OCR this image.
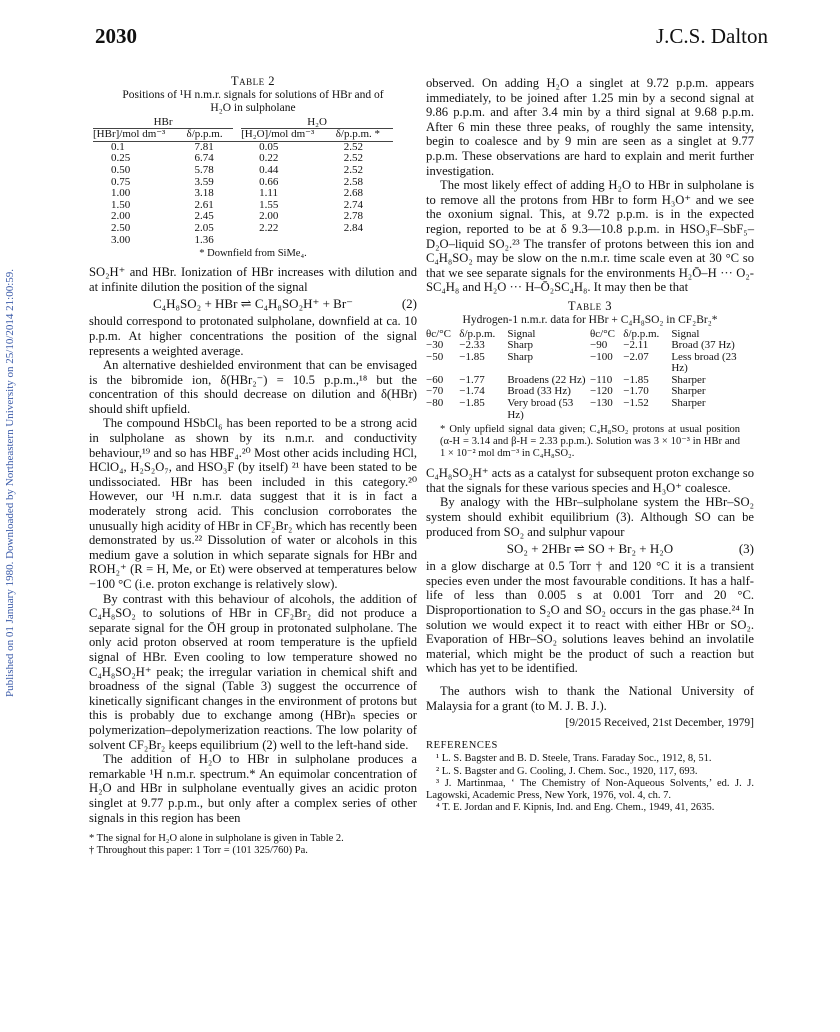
2030	J.C.S. Dalton
Published on 01 January 1980. Downloaded by Northeastern University on 25/10/2014 21:00:59.
Table 2
Positions of ¹H n.m.r. signals for solutions of HBr and of H₂O in sulpholane
HBr			H₂O	
[HBr]/mol dm⁻³	δ/p.p.m.		[H₂O]/mol dm⁻³	δ/p.p.m. *
0.1	7.81		0.05	2.52
0.25	6.74		0.22	2.52
0.50	5.78		0.44	2.52
0.75	3.59		0.66	2.58
1.00	3.18		1.11	2.68
1.50	2.61		1.55	2.74
2.00	2.45		2.00	2.78
2.50	2.05		2.22	2.84
3.00	1.36			
* Downfield from SiMe₄.

SO₂H⁺ and HBr. Ionization of HBr increases with dilution and at infinite dilution the position of the signal

C₄H₈SO₂ + HBr ⇌ C₄H₈SO₂H⁺ + Br⁻	(2)

should correspond to protonated sulpholane, downfield at ca. 10 p.p.m. At higher concentrations the position of the signal represents a weighted average.

An alternative deshielded environment that can be envisaged is the bibromide ion, δ(HBr₂⁻) = 10.5 p.p.m.,¹⁸ but the concentration of this should decrease on dilution and δ(HBr) should shift upfield.

The compound HSbCl₆ has been reported to be a strong acid in sulpholane as shown by its n.m.r. and conductivity behaviour,¹⁹ and so has HBF₄.²⁰ Most other acids including HCl, HClO₄, H₂S₂O₇, and HSO₃F (by itself) ²¹ have been stated to be undissociated. HBr has been included in this category.²⁰ However, our ¹H n.m.r. data suggest that it is in fact a moderately strong acid. This conclusion corroborates the unusually high acidity of HBr in CF₂Br₂ which has recently been demonstrated by us.²² Dissolution of water or alcohols in this medium gave a solution in which separate signals for HBr and ROH₂⁺ (R = H, Me, or Et) were observed at temperatures below −100 °C (i.e. proton exchange is relatively slow).

By contrast with this behaviour of alcohols, the addition of C₄H₈SO₂ to solutions of HBr in CF₂Br₂ did not produce a separate signal for the ŌH group in protonated sulpholane. The only acid proton observed at room temperature is the upfield signal of HBr. Even cooling to low temperature showed no C₄H₈SO₂H⁺ peak; the irregular variation in chemical shift and broadness of the signal (Table 3) suggest the occurrence of kinetically significant changes in the environment of protons but this is probably due to exchange among (HBr)ₙ species or polymerization–depolymerization reactions. The low polarity of solvent CF₂Br₂ keeps equilibrium (2) well to the left-hand side.

The addition of H₂O to HBr in sulpholane produces a remarkable ¹H n.m.r. spectrum.* An equimolar concentration of H₂O and HBr in sulpholane eventually gives an acidic proton singlet at 9.77 p.p.m., but only after a complex series of other signals in this region has been

* The signal for H₂O alone in sulpholane is given in Table 2.
† Throughout this paper: 1 Torr = (101 325/760) Pa.

observed. On adding H₂O a singlet at 9.72 p.p.m. appears immediately, to be joined after 1.25 min by a second signal at 9.86 p.p.m. and after 3.4 min by a third signal at 9.68 p.p.m. After 6 min these three peaks, of roughly the same intensity, begin to coalesce and by 9 min are seen as a singlet at 9.77 p.p.m. These observations are hard to explain and merit further investigation.

The most likely effect of adding H₂O to HBr in sulpholane is to remove all the protons from HBr to form H₃O⁺ and we see the oxonium signal. This, at 9.72 p.p.m. is in the expected region, reported to be at δ 9.3—10.8 p.p.m. in HSO₃F–SbF₅–D₂O–liquid SO₂.²³ The transfer of protons between this ion and C₄H₈SO₂ may be slow on the n.m.r. time scale even at 30 °C so that we see separate signals for the environments H₂Ō–H ··· O₂-SC₄H₈ and H₂O ··· H–Ō₂SC₄H₈. It may then be that

Table 3
Hydrogen-1 n.m.r. data for HBr + C₄H₈SO₂ in CF₂Br₂*
θc/°C	δ/p.p.m.	Signal	θc/°C	δ/p.p.m.	Signal
−30	−2.33	Sharp	−90	−2.11	Broad (37 Hz)
−50	−1.85	Sharp	−100	−2.07	Less broad (23 Hz)
−60	−1.77	Broadens (22 Hz)	−110	−1.85	Sharper
−70	−1.74	Broad (33 Hz)	−120	−1.70	Sharper
−80	−1.85	Very broad (53 Hz)	−130	−1.52	Sharper
* Only upfield signal data given; C₄H₈SO₂ protons at usual position (α-H = 3.14 and β-H = 2.33 p.p.m.). Solution was 3 × 10⁻³ in HBr and 1 × 10⁻² mol dm⁻³ in C₄H₈SO₂.

C₄H₈SO₂H⁺ acts as a catalyst for subsequent proton exchange so that the signals for these various species and H₃O⁺ coalesce.

By analogy with the HBr–sulpholane system the HBr–SO₂ system should exhibit equilibrium (3). Although SO can be produced from SO₂ and sulphur vapour

SO₂ + 2HBr ⇌ SO + Br₂ + H₂O	(3)

in a glow discharge at 0.5 Torr † and 120 °C it is a transient species even under the most favourable conditions. It has a half-life of less than 0.005 s at 0.001 Torr and 20 °C. Disproportionation to S₂O and SO₂ occurs in the gas phase.²⁴ In solution we would expect it to react with either HBr or SO₂. Evaporation of HBr–SO₂ solutions leaves behind an involatile material, which might be the product of such a reaction but which has yet to be identified.

The authors wish to thank the National University of Malaysia for a grant (to M. J. B. J.).

[9/2015 Received, 21st December, 1979]
REFERENCES
¹ L. S. Bagster and B. D. Steele, Trans. Faraday Soc., 1912, 8, 51.
² L. S. Bagster and G. Cooling, J. Chem. Soc., 1920, 117, 693.
³ J. Martinmaa, ‘ The Chemistry of Non-Aqueous Solvents,’ ed. J. J. Lagowski, Academic Press, New York, 1976, vol. 4, ch. 7.
⁴ T. E. Jordan and F. Kipnis, Ind. and Eng. Chem., 1949, 41, 2635.
